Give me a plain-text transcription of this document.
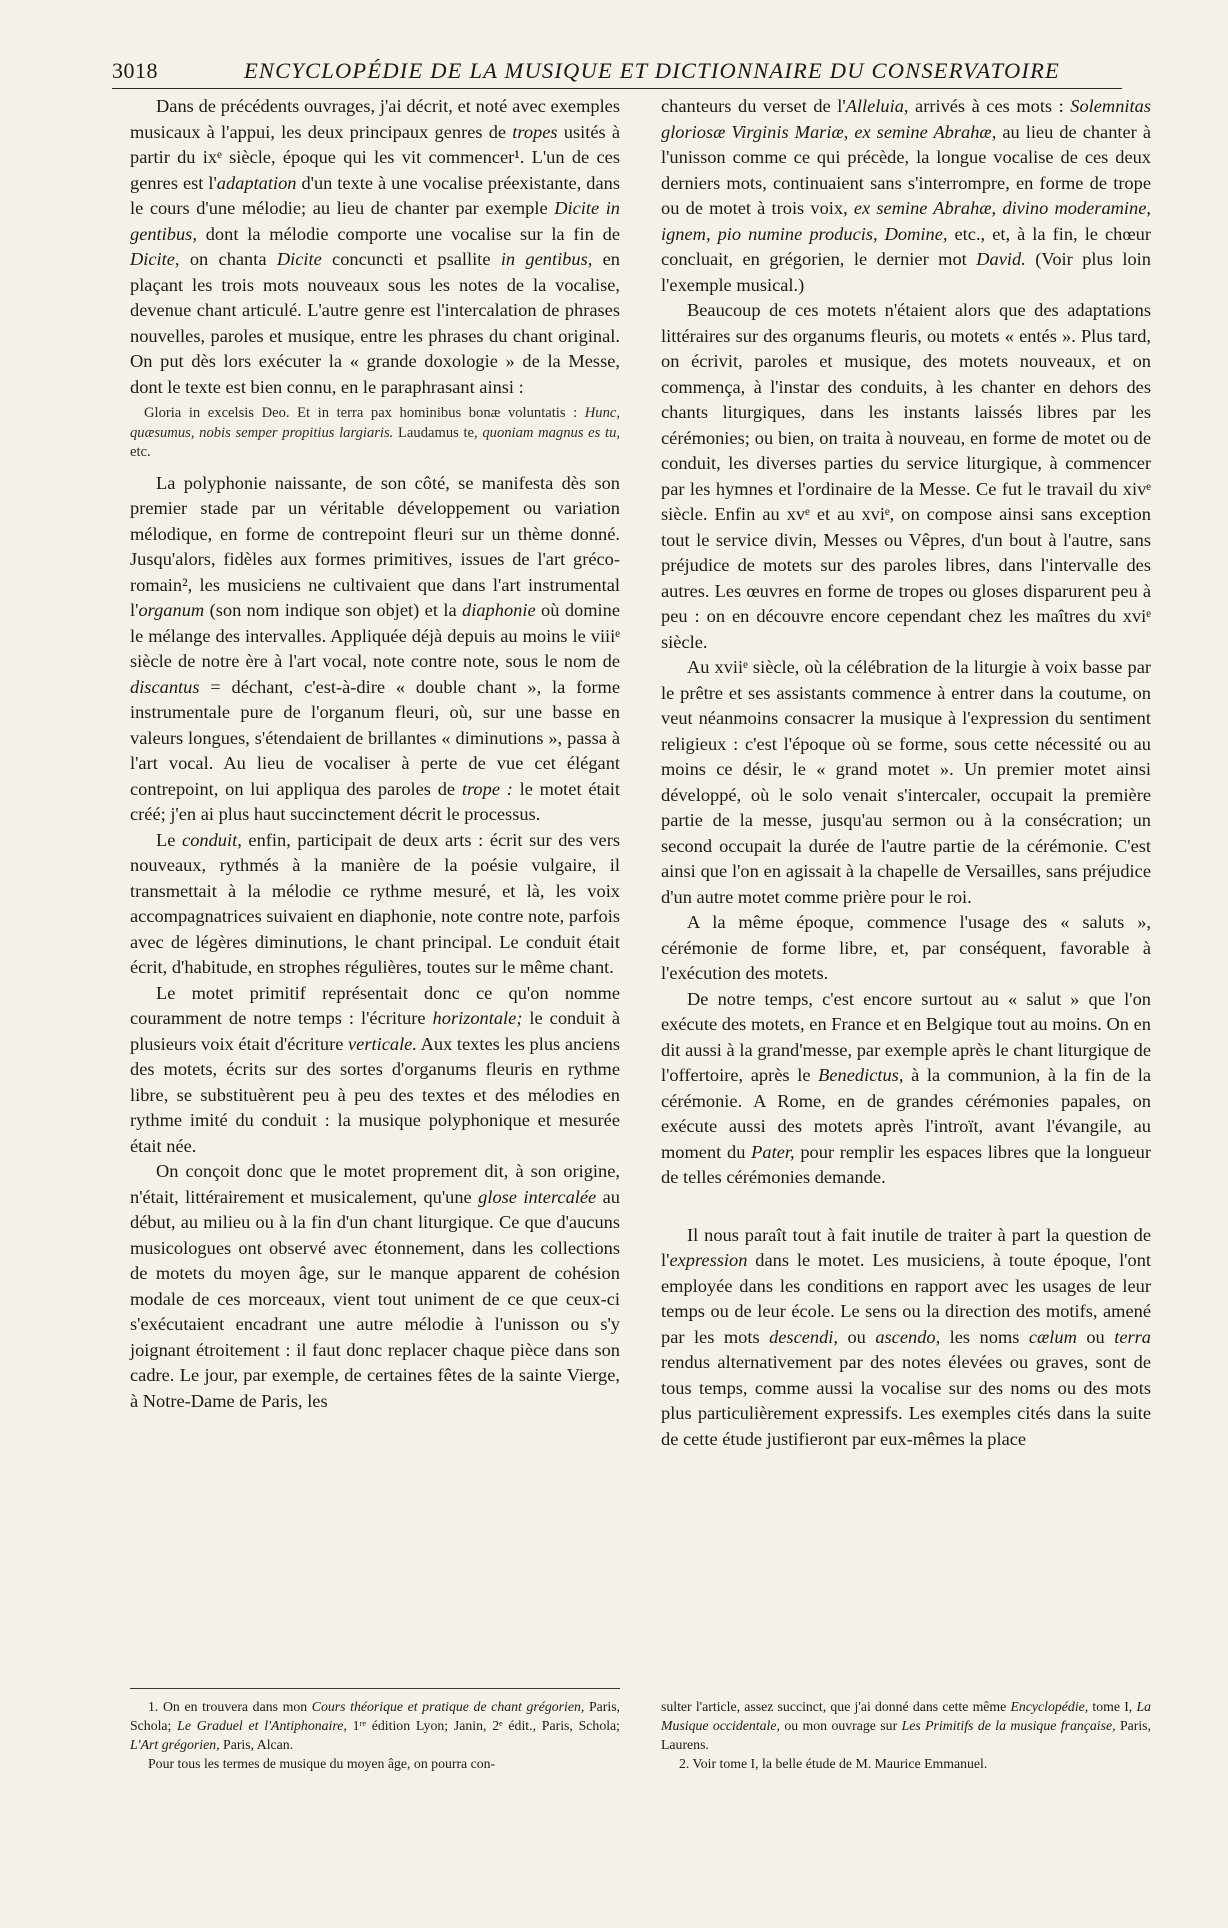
3018	ENCYCLOPÉDIE DE LA MUSIQUE ET DICTIONNAIRE DU CONSERVATOIRE

Dans de précédents ouvrages, j'ai décrit, et noté avec exemples musicaux à l'appui, les deux principaux genres de tropes usités à partir du ixᵉ siècle, époque qui les vit commencer¹. L'un de ces genres est l'adaptation d'un texte à une vocalise préexistante, dans le cours d'une mélodie; au lieu de chanter par exemple Dicite in gentibus, dont la mélodie comporte une vocalise sur la fin de Dicite, on chanta Dicite concuncti et psallite in gentibus, en plaçant les trois mots nouveaux sous les notes de la vocalise, devenue chant articulé. L'autre genre est l'intercalation de phrases nouvelles, paroles et musique, entre les phrases du chant original. On put dès lors exécuter la « grande doxologie » de la Messe, dont le texte est bien connu, en le paraphrasant ainsi :

Gloria in excelsis Deo. Et in terra pax hominibus bonæ voluntatis : Hunc, quæsumus, nobis semper propitius largiaris. Laudamus te, quoniam magnus es tu, etc.

La polyphonie naissante, de son côté, se manifesta dès son premier stade par un véritable développement ou variation mélodique, en forme de contrepoint fleuri sur un thème donné. Jusqu'alors, fidèles aux formes primitives, issues de l'art gréco-romain², les musiciens ne cultivaient que dans l'art instrumental l'organum (son nom indique son objet) et la diaphonie où domine le mélange des intervalles. Appliquée déjà depuis au moins le viiiᵉ siècle de notre ère à l'art vocal, note contre note, sous le nom de discantus = déchant, c'est-à-dire « double chant », la forme instrumentale pure de l'organum fleuri, où, sur une basse en valeurs longues, s'étendaient de brillantes « diminutions », passa à l'art vocal. Au lieu de vocaliser à perte de vue cet élégant contrepoint, on lui appliqua des paroles de trope : le motet était créé; j'en ai plus haut succinctement décrit le processus.

Le conduit, enfin, participait de deux arts : écrit sur des vers nouveaux, rythmés à la manière de la poésie vulgaire, il transmettait à la mélodie ce rythme mesuré, et là, les voix accompagnatrices suivaient en diaphonie, note contre note, parfois avec de légères diminutions, le chant principal. Le conduit était écrit, d'habitude, en strophes régulières, toutes sur le même chant.

Le motet primitif représentait donc ce qu'on nomme couramment de notre temps : l'écriture horizontale; le conduit à plusieurs voix était d'écriture verticale. Aux textes les plus anciens des motets, écrits sur des sortes d'organums fleuris en rythme libre, se substituèrent peu à peu des textes et des mélodies en rythme imité du conduit : la musique polyphonique et mesurée était née.

On conçoit donc que le motet proprement dit, à son origine, n'était, littérairement et musicalement, qu'une glose intercalée au début, au milieu ou à la fin d'un chant liturgique. Ce que d'aucuns musicologues ont observé avec étonnement, dans les collections de motets du moyen âge, sur le manque apparent de cohésion modale de ces morceaux, vient tout uniment de ce que ceux-ci s'exécutaient encadrant une autre mélodie à l'unisson ou s'y joignant étroitement : il faut donc replacer chaque pièce dans son cadre. Le jour, par exemple, de certaines fêtes de la sainte Vierge, à Notre-Dame de Paris, les

chanteurs du verset de l'Alleluia, arrivés à ces mots : Solemnitas gloriosæ Virginis Mariæ, ex semine Abrahæ, au lieu de chanter à l'unisson comme ce qui précède, la longue vocalise de ces deux derniers mots, continuaient sans s'interrompre, en forme de trope ou de motet à trois voix, ex semine Abrahæ, divino moderamine, ignem, pio numine producis, Domine, etc., et, à la fin, le chœur concluait, en grégorien, le dernier mot David. (Voir plus loin l'exemple musical.)

Beaucoup de ces motets n'étaient alors que des adaptations littéraires sur des organums fleuris, ou motets « entés ». Plus tard, on écrivit, paroles et musique, des motets nouveaux, et on commença, à l'instar des conduits, à les chanter en dehors des chants liturgiques, dans les instants laissés libres par les cérémonies; ou bien, on traita à nouveau, en forme de motet ou de conduit, les diverses parties du service liturgique, à commencer par les hymnes et l'ordinaire de la Messe. Ce fut le travail du xivᵉ siècle. Enfin au xvᵉ et au xviᵉ, on compose ainsi sans exception tout le service divin, Messes ou Vêpres, d'un bout à l'autre, sans préjudice de motets sur des paroles libres, dans l'intervalle des autres. Les œuvres en forme de tropes ou gloses disparurent peu à peu : on en découvre encore cependant chez les maîtres du xviᵉ siècle.

Au xviiᵉ siècle, où la célébration de la liturgie à voix basse par le prêtre et ses assistants commence à entrer dans la coutume, on veut néanmoins consacrer la musique à l'expression du sentiment religieux : c'est l'époque où se forme, sous cette nécessité ou au moins ce désir, le « grand motet ». Un premier motet ainsi développé, où le solo venait s'intercaler, occupait la première partie de la messe, jusqu'au sermon ou à la consécration; un second occupait la durée de l'autre partie de la cérémonie. C'est ainsi que l'on en agissait à la chapelle de Versailles, sans préjudice d'un autre motet comme prière pour le roi.

A la même époque, commence l'usage des « saluts », cérémonie de forme libre, et, par conséquent, favorable à l'exécution des motets.

De notre temps, c'est encore surtout au « salut » que l'on exécute des motets, en France et en Belgique tout au moins. On en dit aussi à la grand'messe, par exemple après le chant liturgique de l'offertoire, après le Benedictus, à la communion, à la fin de la cérémonie. A Rome, en de grandes cérémonies papales, on exécute aussi des motets après l'introït, avant l'évangile, au moment du Pater, pour remplir les espaces libres que la longueur de telles cérémonies demande.

Il nous paraît tout à fait inutile de traiter à part la question de l'expression dans le motet. Les musiciens, à toute époque, l'ont employée dans les conditions en rapport avec les usages de leur temps ou de leur école. Le sens ou la direction des motifs, amené par les mots descendi, ou ascendo, les noms cælum ou terra rendus alternativement par des notes élevées ou graves, sont de tous temps, comme aussi la vocalise sur des noms ou des mots plus particulièrement expressifs. Les exemples cités dans la suite de cette étude justifieront par eux-mêmes la place

1. On en trouvera dans mon Cours théorique et pratique de chant grégorien, Paris, Schola; Le Graduel et l'Antiphonaire, 1ʳᵉ édition Lyon; Janin, 2ᵉ édit., Paris, Schola; L'Art grégorien, Paris, Alcan.

Pour tous les termes de musique du moyen âge, on pourra con-

sulter l'article, assez succinct, que j'ai donné dans cette même Encyclopédie, tome I, La Musique occidentale, ou mon ouvrage sur Les Primitifs de la musique française, Paris, Laurens.

2. Voir tome I, la belle étude de M. Maurice Emmanuel.
